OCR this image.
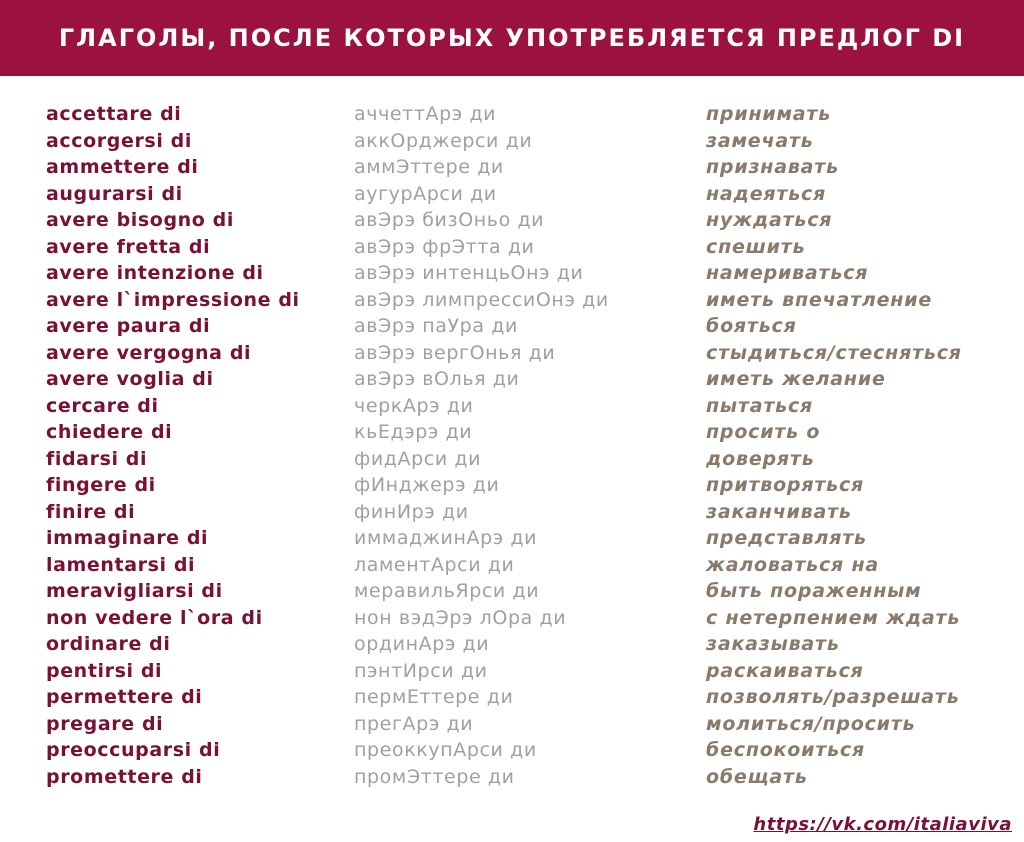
ГЛАГОЛЫ, ПОСЛЕ КОТОРЫХ УПОТРЕБЛЯЕТСЯ ПРЕДЛОГ DI
accettare di	аччеттАрэ ди	принимать
accorgersi di	аккОрджерси ди	замечать
ammettere di	аммЭттере ди	признавать
augurarsi di	аугурАрси ди	надеяться
avere bisogno di	авЭрэ бизОньо ди	нуждаться
avere fretta di	авЭрэ фрЭтта ди	спешить
avere intenzione di	авЭрэ интенцьОнэ ди	намериваться
avere l`impressione di	авЭрэ лимпрессиОнэ ди	иметь впечатление
avere paura di	авЭрэ паУра ди	бояться
avere vergogna di	авЭрэ вергОнья ди	стыдиться/стесняться
avere voglia di	авЭрэ вОлья ди	иметь желание
cercare di	черкАрэ ди	пытаться
chiedere di	кьЕдэрэ ди	просить о
fidarsi di	фидАрси ди	доверять
fingere di	фИнджерэ ди	притворяться
finire di	финИрэ ди	заканчивать
immaginare di	иммаджинАрэ ди	представлять
lamentarsi di	ламентАрси ди	жаловаться на
meravigliarsi di	меравильЯрси ди	быть пораженным
non vedere l`ora di	нон вэдЭрэ лОра ди	с нетерпением ждать
ordinare di	ординАрэ ди	заказывать
pentirsi di	пэнтИрси ди	раскаиваться
permettere di	пермЕттере ди	позволять/разрешать
pregare di	прегАрэ ди	молиться/просить
preoccuparsi di	преоккупАрси ди	беспокоиться
promettere di	промЭттере ди	обещать
https://vk.com/italiaviva
